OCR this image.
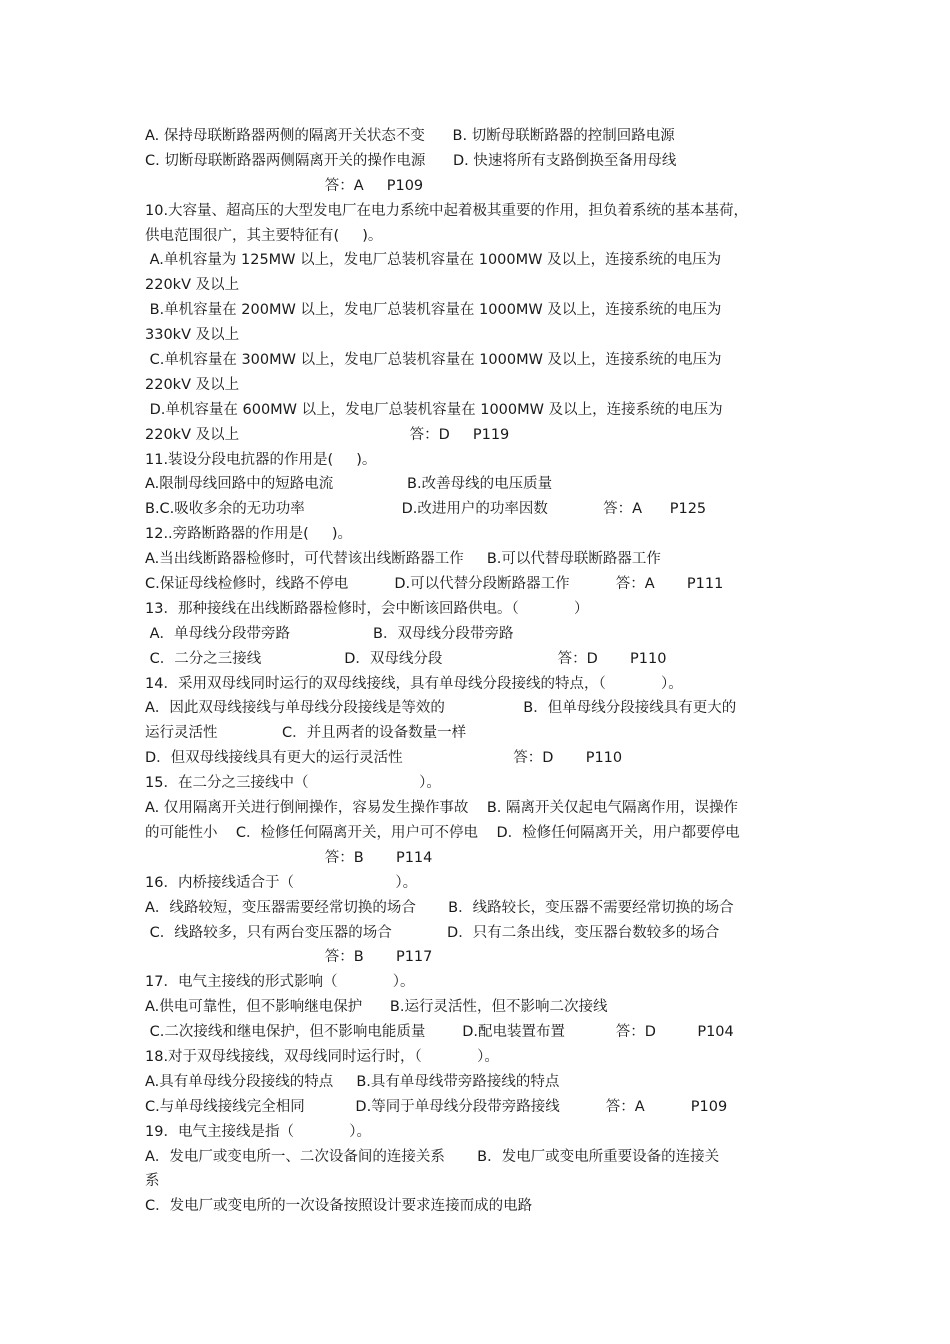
A. 保持母联断路器两侧的隔离开关状态不变      B. 切断母联断路器的控制回路电源
C. 切断母联断路器两侧隔离开关的操作电源      D. 快速将所有支路倒换至备用母线
答：A     P109
10.大容量、超高压的大型发电厂在电力系统中起着极其重要的作用，担负着系统的基本基荷，
供电范围很广，其主要特征有(     )。
A.单机容量为 125MW 以上，发电厂总装机容量在 1000MW 及以上，连接系统的电压为
220kV 及以上
B.单机容量在 200MW 以上，发电厂总装机容量在 1000MW 及以上，连接系统的电压为
330kV 及以上
C.单机容量在 300MW 以上，发电厂总装机容量在 1000MW 及以上，连接系统的电压为
220kV 及以上
D.单机容量在 600MW 以上，发电厂总装机容量在 1000MW 及以上，连接系统的电压为
220kV 及以上                                     答：D     P119
11.装设分段电抗器的作用是(     )。
A.限制母线回路中的短路电流                B.改善母线的电压质量
B.C.吸收多余的无功功率                     D.改进用户的功率因数            答：A      P125
12..旁路断路器的作用是(     )。
A.当出线断路器检修时，可代替该出线断路器工作     B.可以代替母联断路器工作
C.保证母线检修时，线路不停电          D.可以代替分段断路器工作          答：A       P111
13．那种接线在出线断路器检修时，会中断该回路供电。（            ）
A．单母线分段带旁路                  B．双母线分段带旁路
C．二分之三接线                  D．双母线分段                         答：D       P110
14．采用双母线同时运行的双母线接线，具有单母线分段接线的特点，（            ）。
A．因此双母线接线与单母线分段接线是等效的                 B．但单母线分段接线具有更大的
运行灵活性              C．并且两者的设备数量一样
D．但双母线接线具有更大的运行灵活性                        答：D       P110
15．在二分之三接线中（                        ）。
A. 仅用隔离开关进行倒闸操作，容易发生操作事故    B. 隔离开关仅起电气隔离作用，误操作
的可能性小    C．检修任何隔离开关，用户可不停电    D．检修任何隔离开关，用户都要停电
答：B       P114
16．内桥接线适合于（                      ）。
A．线路较短，变压器需要经常切换的场合       B．线路较长，变压器不需要经常切换的场合
C．线路较多，只有两台变压器的场合            D．只有二条出线，变压器台数较多的场合
答：B       P117
17．电气主接线的形式影响（            ）。
A.供电可靠性，但不影响继电保护      B.运行灵活性，但不影响二次接线
C.二次接线和继电保护，但不影响电能质量        D.配电装置布置           答：D         P104
18.对于双母线接线，双母线同时运行时，（            ）。
A.具有单母线分段接线的特点     B.具有单母线带旁路接线的特点
C.与单母线接线完全相同           D.等同于单母线分段带旁路接线          答：A          P109
19．电气主接线是指（            ）。
A．发电厂或变电所一、二次设备间的连接关系       B．发电厂或变电所重要设备的连接关
系
C．发电厂或变电所的一次设备按照设计要求连接而成的电路
